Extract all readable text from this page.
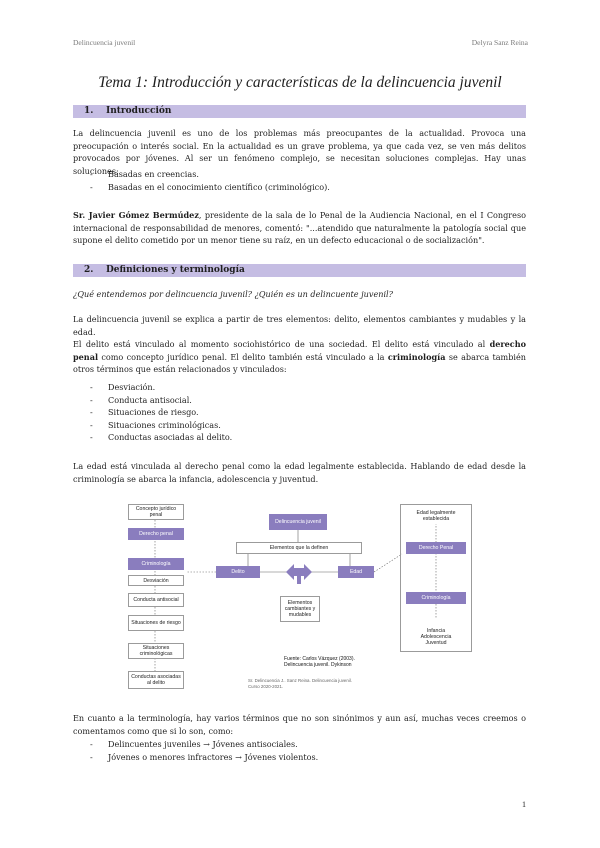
Delincuencia juvenil	Delyra Sanz Reina
Tema 1: Introducción y características de la delincuencia juvenil
1. Introducción
La delincuencia juvenil es uno de los problemas más preocupantes de la actualidad. Provoca una preocupación o interés social. En la actualidad es un grave problema, ya que cada vez, se ven más delitos provocados por jóvenes. Al ser un fenómeno complejo, se necesitan soluciones complejas. Hay unas soluciones:
- Basadas en creencias.
- Basadas en el conocimiento científico (criminológico).
Sr. Javier Gómez Bermúdez, presidente de la sala de lo Penal de la Audiencia Nacional, en el I Congreso internacional de responsabilidad de menores, comentó: "...atendido que naturalmente la patología social que supone el delito cometido por un menor tiene su raíz, en un defecto educacional o de socialización".
2. Definiciones y terminología
¿Qué entendemos por delincuencia juvenil? ¿Quién es un delincuente juvenil?
La delincuencia juvenil se explica a partir de tres elementos: delito, elementos cambiantes y mudables y la edad.
El delito está vinculado al momento sociohistórico de una sociedad. El delito está vinculado al derecho penal como concepto jurídico penal. El delito también está vinculado a la criminología se abarca también otros términos que están relacionados y vinculados:
- Desviación.
- Conducta antisocial.
- Situaciones de riesgo.
- Situaciones criminológicas.
- Conductas asociadas al delito.
La edad está vinculada al derecho penal como la edad legalmente establecida. Hablando de edad desde la criminología se abarca la infancia, adolescencia y juventud.
Concepto jurídico penal
Derecho penal
Criminología
Desviación
Conducta antisocial
Situaciones de riesgo
Situaciones criminológicas
Conductas asociadas al delito
Delincuencia juvenil
Elementos que la definen
Delito	Edad
Elementos cambiantes y mudables
Fuente: Carlos Vázquez (2003). Delincuencia juvenil. Dykinson
Sr. Delincuencia J.. Sanz Reina. Delincuencia juvenil. Curso 2020-2021.
Edad legalmente establecida
Derecho Penal
Criminología
Infancia Adolescencia Juventud
En cuanto a la terminología, hay varios términos que no son sinónimos y aun así, muchas veces creemos o comentamos como que si lo son, como:
- Delincuentes juveniles → Jóvenes antisociales.
- Jóvenes o menores infractores → Jóvenes violentos.
1
